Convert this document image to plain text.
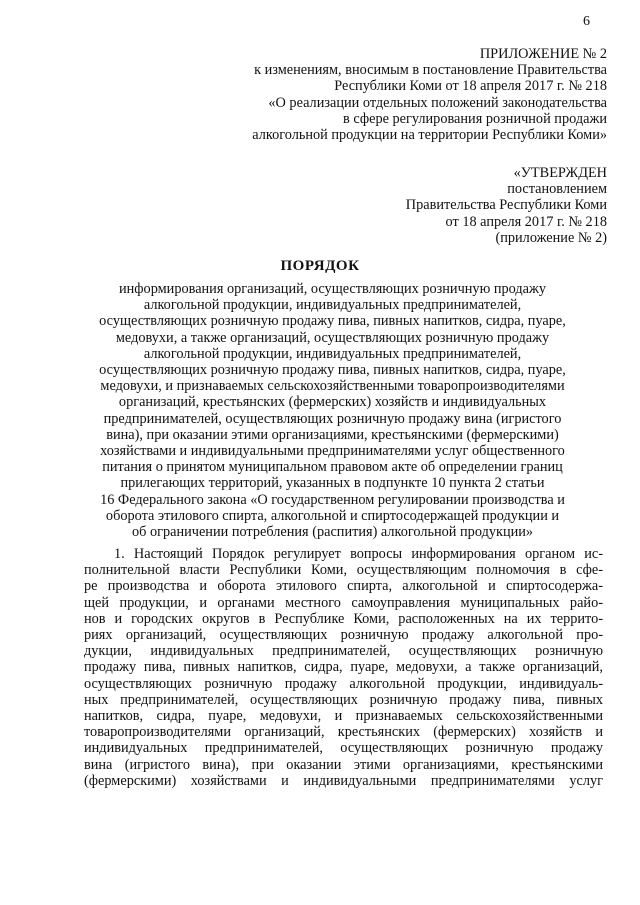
6
ПРИЛОЖЕНИЕ № 2
к изменениям, вносимым в постановление Правительства
Республики Коми от 18 апреля 2017 г. № 218
«О реализации отдельных положений законодательства
в сфере регулирования розничной продажи
алкогольной продукции на территории Республики Коми»
«УТВЕРЖДЕН
постановлением
Правительства Республики Коми
от 18 апреля 2017 г. № 218
(приложение № 2)
ПОРЯДОК
информирования организаций, осуществляющих розничную продажу
алкогольной продукции, индивидуальных предпринимателей,
осуществляющих розничную продажу пива, пивных напитков, сидра, пуаре,
медовухи, а также организаций, осуществляющих розничную продажу
алкогольной продукции, индивидуальных предпринимателей,
осуществляющих розничную продажу пива, пивных напитков, сидра, пуаре,
медовухи, и признаваемых сельскохозяйственными товаропроизводителями
организаций, крестьянских (фермерских) хозяйств и индивидуальных
предпринимателей, осуществляющих розничную продажу вина (игристого
вина), при оказании этими организациями, крестьянскими (фермерскими)
хозяйствами и индивидуальными предпринимателями услуг общественного
питания о принятом муниципальном правовом акте об определении границ
прилегающих территорий, указанных в подпункте 10 пункта 2 статьи
16 Федерального закона «О государственном регулировании производства и
оборота этилового спирта, алкогольной и спиртосодержащей продукции и
об ограничении потребления (распития) алкогольной продукции»
1. Настоящий Порядок регулирует вопросы информирования органом ис-
полнительной власти Республики Коми, осуществляющим полномочия в сфе-
ре производства и оборота этилового спирта, алкогольной и спиртосодержа-
щей продукции, и органами местного самоуправления муниципальных райо-
нов и городских округов в Республике Коми, расположенных на их террито-
риях организаций, осуществляющих розничную продажу алкогольной про-
дукции, индивидуальных предпринимателей, осуществляющих розничную
продажу пива, пивных напитков, сидра, пуаре, медовухи, а также организаций,
осуществляющих розничную продажу алкогольной продукции, индивидуаль-
ных предпринимателей, осуществляющих розничную продажу пива, пивных
напитков, сидра, пуаре, медовухи, и признаваемых сельскохозяйственными
товаропроизводителями организаций, крестьянских (фермерских) хозяйств и
индивидуальных предпринимателей, осуществляющих розничную продажу
вина (игристого вина), при оказании этими организациями, крестьянскими
(фермерскими) хозяйствами и индивидуальными предпринимателями услуг
